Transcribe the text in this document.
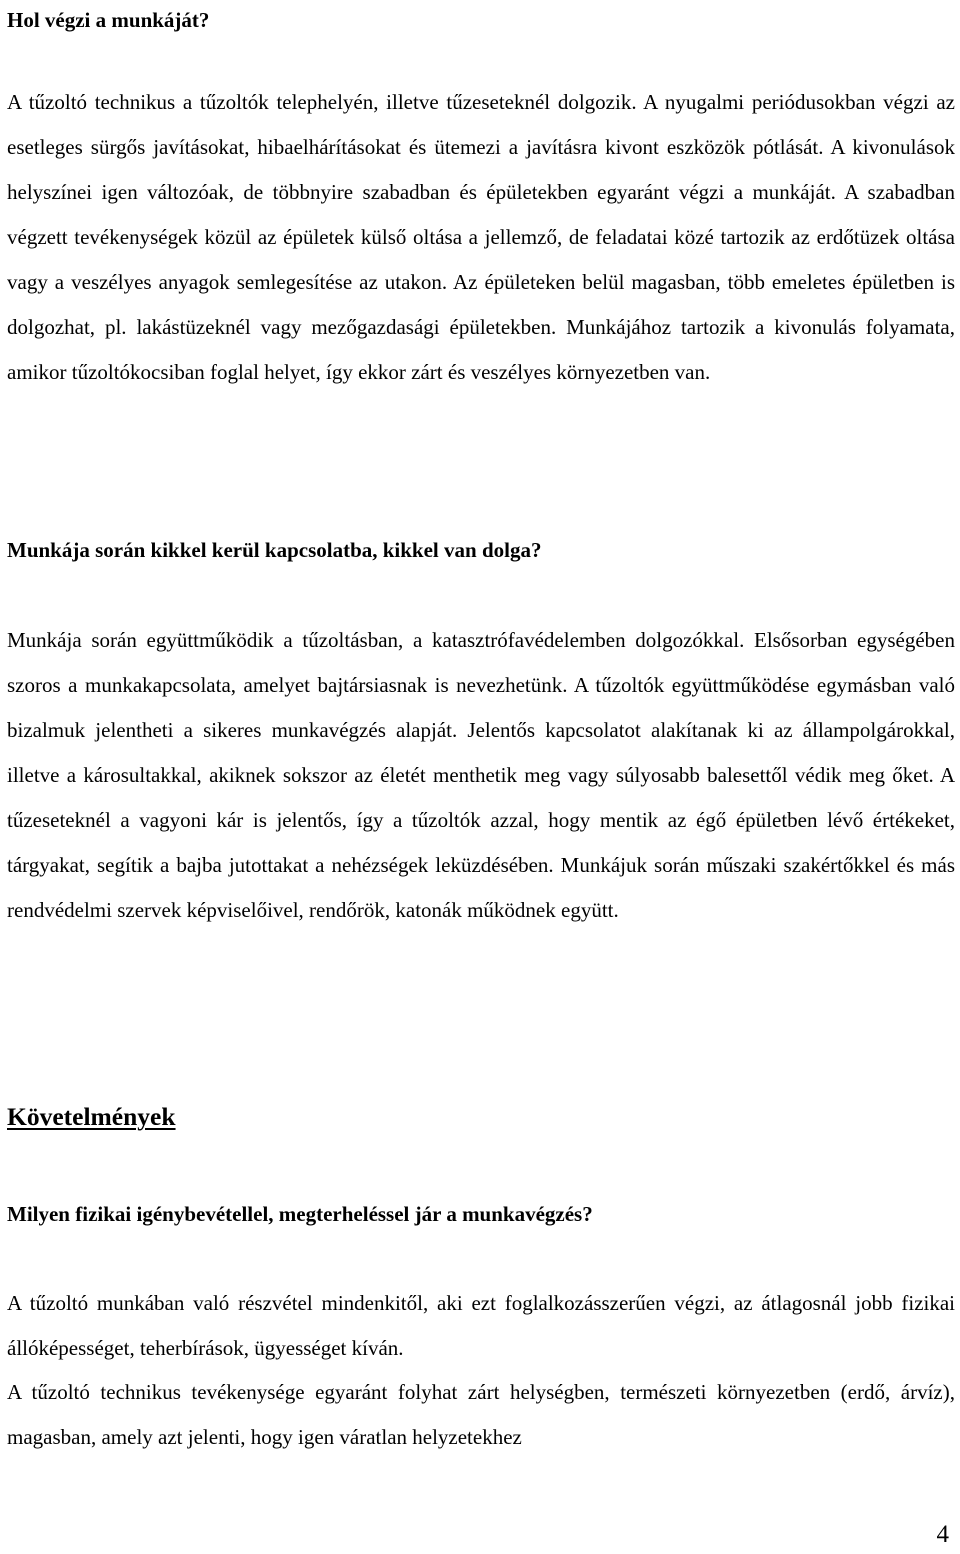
Hol végzi a munkáját?

A tűzoltó technikus a tűzoltók telephelyén, illetve tűzeseteknél dolgozik. A nyugalmi periódusokban végzi az esetleges sürgős javításokat, hibaelhárításokat és ütemezi a javításra kivont eszközök pótlását. A kivonulások helyszínei igen változóak, de többnyire szabadban és épületekben egyaránt végzi a munkáját. A szabadban végzett tevékenységek közül az épületek külső oltása a jellemző, de feladatai közé tartozik az erdőtüzek oltása vagy a veszélyes anyagok semlegesítése az utakon. Az épületeken belül magasban, több emeletes épületben is dolgozhat, pl. lakástüzeknél vagy mezőgazdasági épületekben. Munkájához tartozik a kivonulás folyamata, amikor tűzoltókocsiban foglal helyet, így ekkor zárt és veszélyes környezetben van.

Munkája során kikkel kerül kapcsolatba, kikkel van dolga?

Munkája során együttműködik a tűzoltásban, a katasztrófavédelemben dolgozókkal. Elsősorban egységében szoros a munkakapcsolata, amelyet bajtársiasnak is nevezhetünk. A tűzoltók együttműködése egymásban való bizalmuk jelentheti a sikeres munkavégzés alapját. Jelentős kapcsolatot alakítanak ki az állampolgárokkal, illetve a károsultakkal, akiknek sokszor az életét menthetik meg vagy súlyosabb balesettől védik meg őket. A tűzeseteknél a vagyoni kár is jelentős, így a tűzoltók azzal, hogy mentik az égő épületben lévő értékeket, tárgyakat, segítik a bajba jutottakat a nehézségek leküzdésében. Munkájuk során műszaki szakértőkkel és más rendvédelmi szervek képviselőivel, rendőrök, katonák működnek együtt.

Követelmények
Milyen fizikai igénybevétellel, megterheléssel jár a munkavégzés?

A tűzoltó munkában való részvétel mindenkitől, aki ezt foglalkozásszerűen végzi, az átlagosnál jobb fizikai állóképességet, teherbírások, ügyességet kíván.

A tűzoltó technikus tevékenysége egyaránt folyhat zárt helységben, természeti környezetben (erdő, árvíz), magasban, amely azt jelenti, hogy igen váratlan helyzetekhez

4
